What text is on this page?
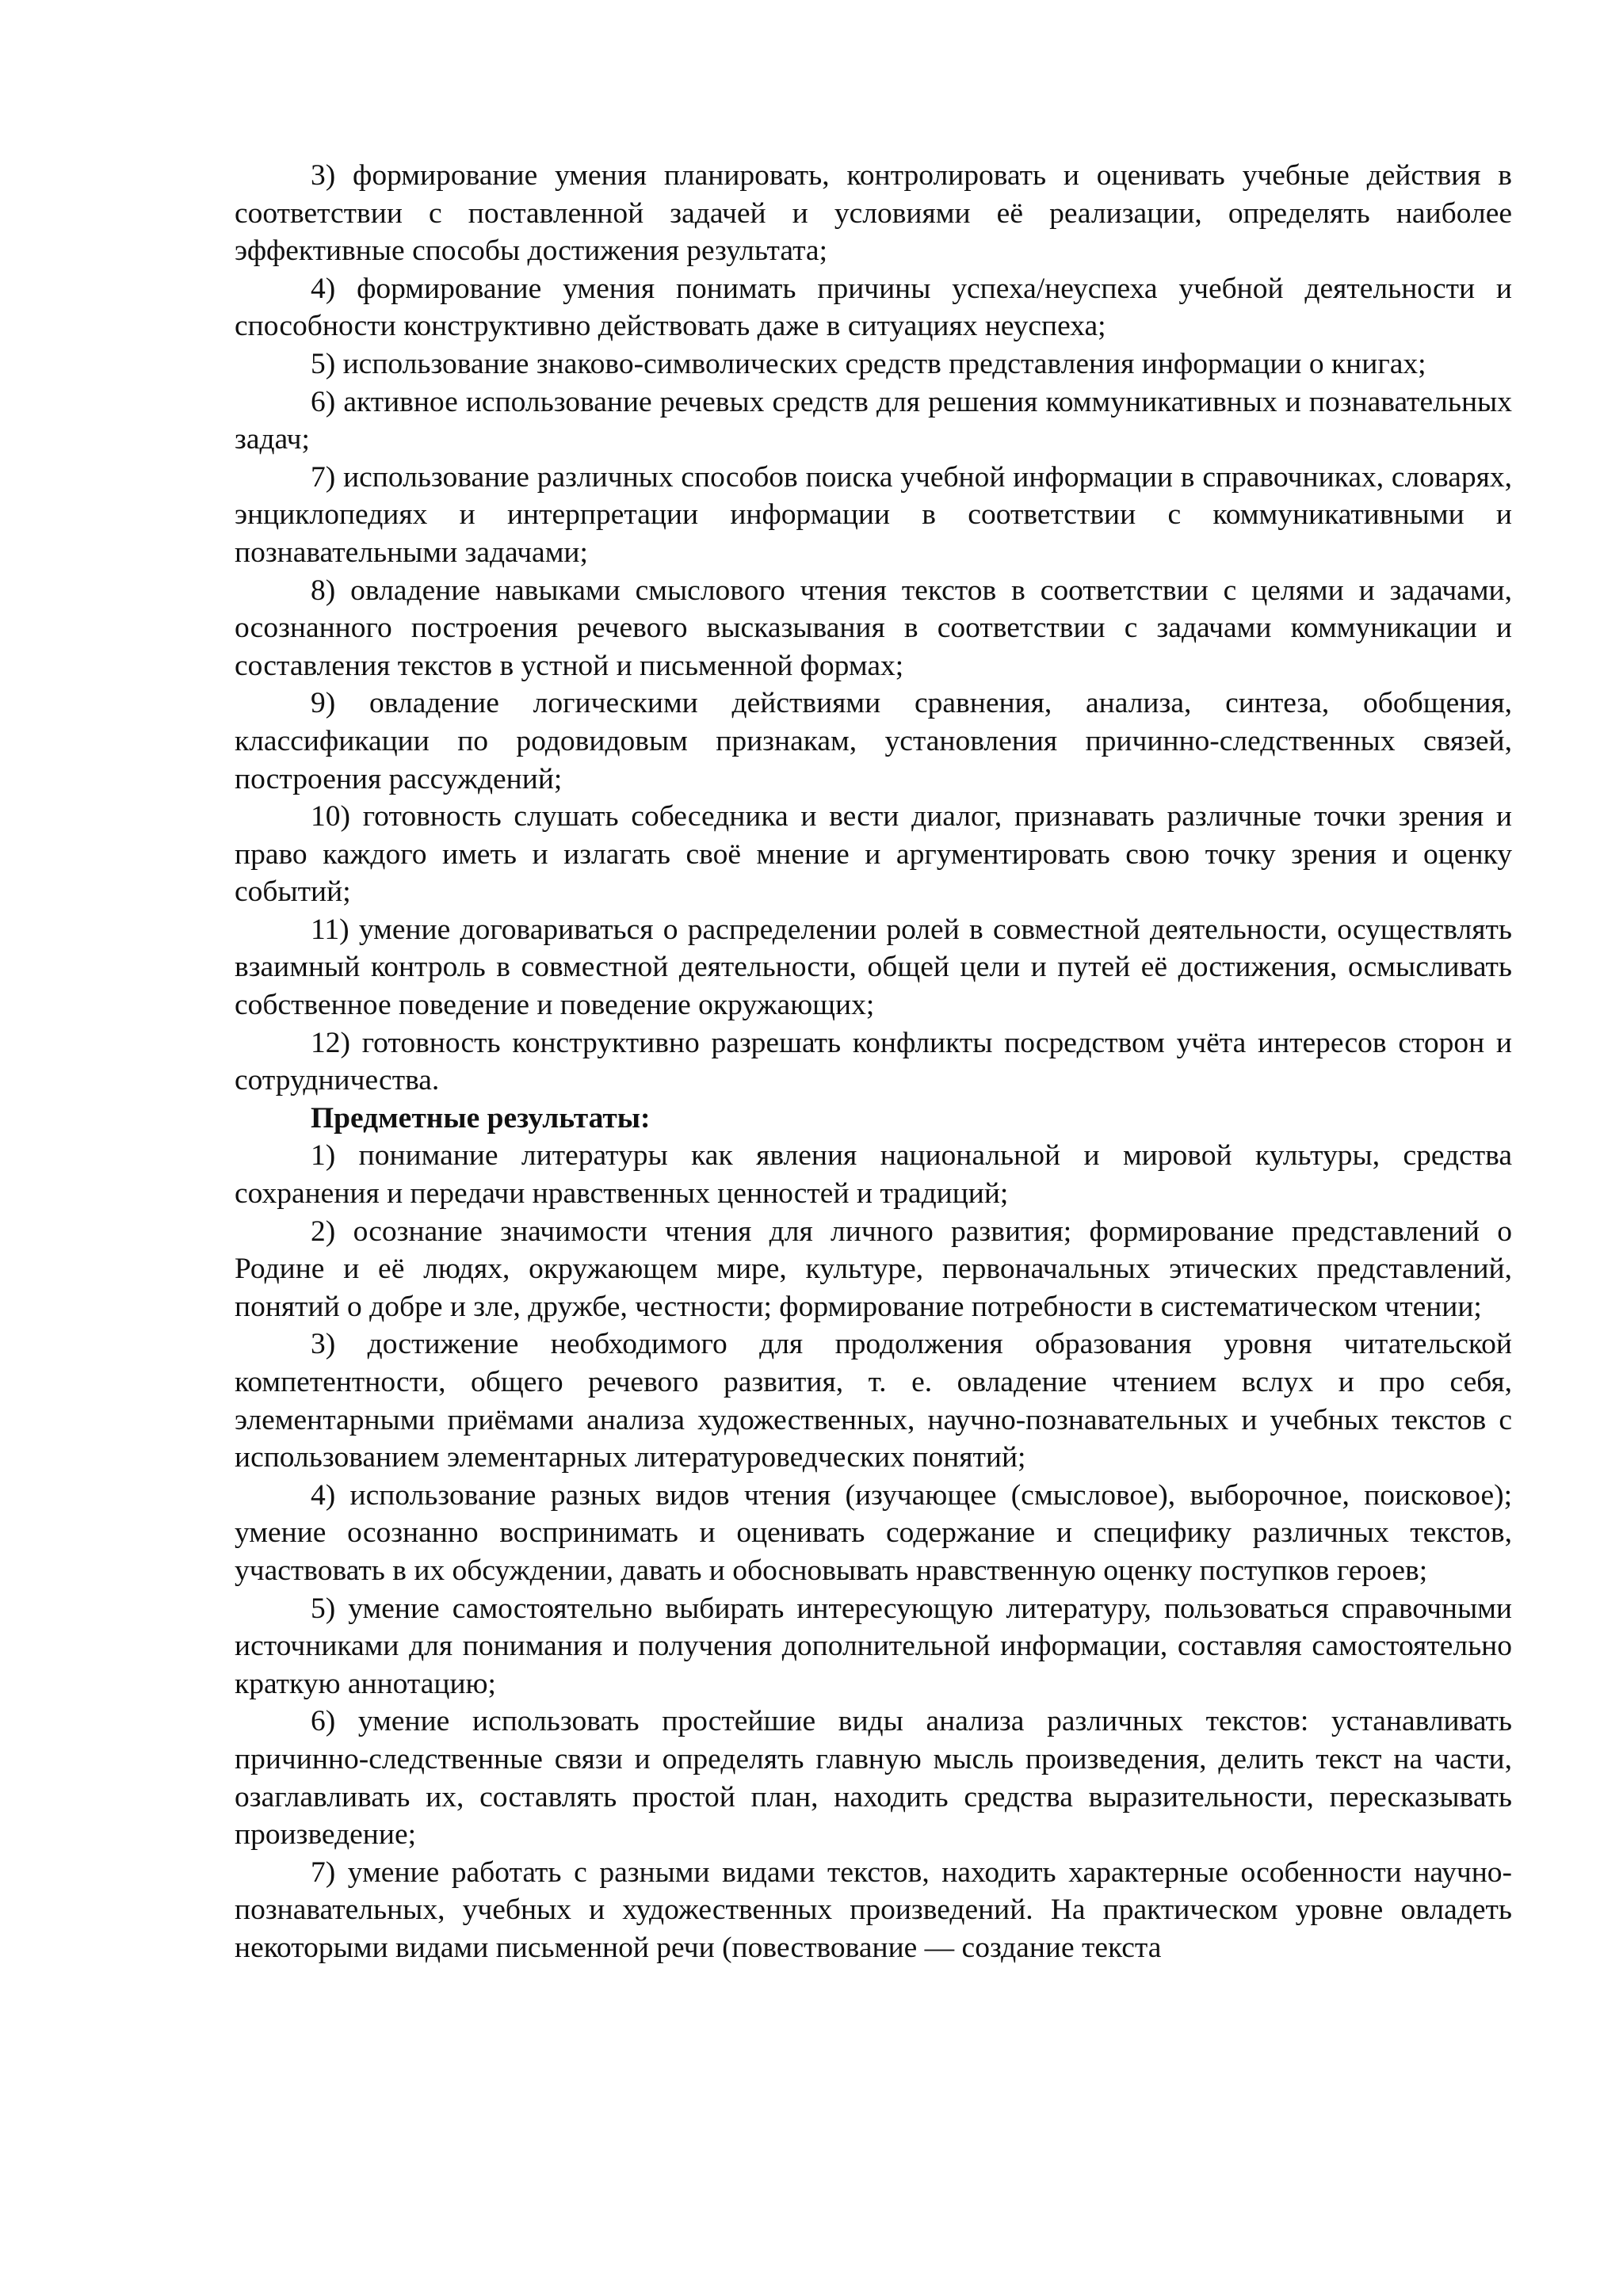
3) формирование умения планировать, контролировать и оценивать учебные действия в соответствии с поставленной задачей и условиями её реализации, определять наиболее эффективные способы достижения результата;

4) формирование умения понимать причины успеха/неуспеха учебной деятельности и способности конструктивно действовать даже в ситуациях неуспеха;

5) использование знаково-символических средств представления информации о книгах;

6) активное использование речевых средств для решения коммуникативных и познавательных задач;

7) использование различных способов поиска учебной информации в справочниках, словарях, энциклопедиях и интерпретации информации в соответствии с коммуникативными и познавательными задачами;

8) овладение навыками смыслового чтения текстов в соответствии с целями и задачами, осознанного построения речевого высказывания в соответствии с задачами коммуникации и составления текстов в устной и письменной формах;

9) овладение логическими действиями сравнения, анализа, синтеза, обобщения, классификации по родовидовым признакам, установления причинно-следственных связей, построения рассуждений;

10) готовность слушать собеседника и вести диалог, признавать различные точки зрения и право каждого иметь и излагать своё мнение и аргументировать свою точку зрения и оценку событий;

11) умение договариваться о распределении ролей в совместной деятельности, осуществлять взаимный контроль в совместной деятельности, общей цели и путей её достижения, осмысливать собственное поведение и поведение окружающих;

12) готовность конструктивно разрешать конфликты посредством учёта интересов сторон и сотрудничества.

Предметные результаты:

1) понимание литературы как явления национальной и мировой культуры, средства сохранения и передачи нравственных ценностей и традиций;

2) осознание значимости чтения для личного развития; формирование представлений о Родине и её людях, окружающем мире, культуре, первоначальных этических представлений, понятий о добре и зле, дружбе, честности; формирование потребности в систематическом чтении;

3) достижение необходимого для продолжения образования уровня читательской компетентности, общего речевого развития, т. е. овладение чтением вслух и про себя, элементарными приёмами анализа художественных, научно-познавательных и учебных текстов с использованием элементарных литературоведческих понятий;

4) использование разных видов чтения (изучающее (смысловое), выборочное, поисковое); умение осознанно воспринимать и оценивать содержание и специфику различных текстов, участвовать в их обсуждении, давать и обосновывать нравственную оценку поступков героев;

5) умение самостоятельно выбирать интересующую литературу, пользоваться справочными источниками для понимания и получения дополнительной информации, составляя самостоятельно краткую аннотацию;

6) умение использовать простейшие виды анализа различных текстов: устанавливать причинно-следственные связи и определять главную мысль произведения, делить текст на части, озаглавливать их, составлять простой план, находить средства выразительности, пересказывать произведение;

7) умение работать с разными видами текстов, находить характерные особенности научно-познавательных, учебных и художественных произведений. На практическом уровне овладеть некоторыми видами письменной речи (повествование — создание текста
